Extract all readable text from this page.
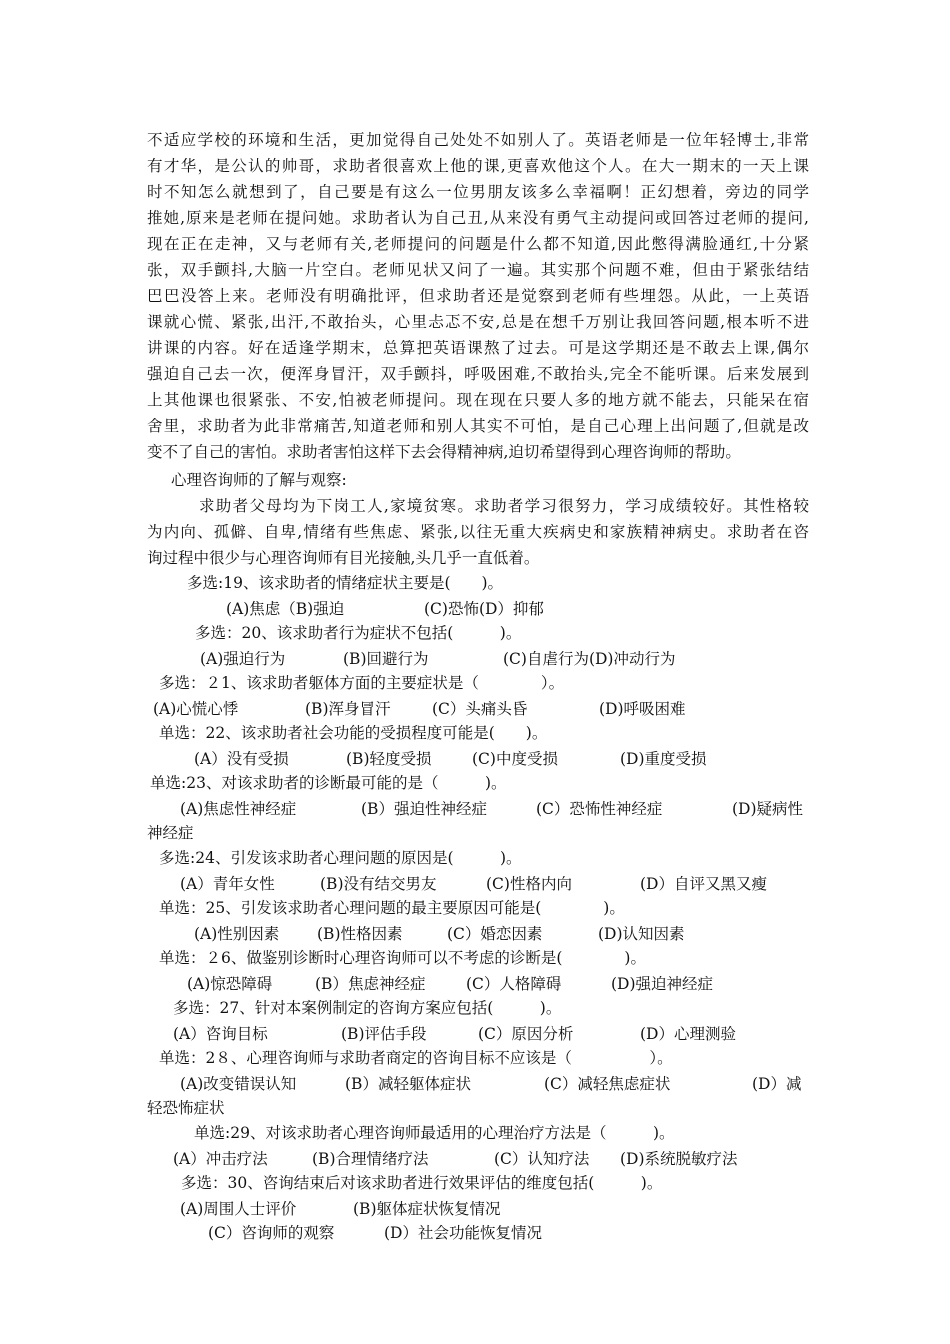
不适应学校的环境和生活，更加觉得自己处处不如别人了。英语老师是一位年轻博士,非常
有才华，是公认的帅哥，求助者很喜欢上他的课,更喜欢他这个人。在大一期末的一天上课
时不知怎么就想到了，自己要是有这么一位男朋友该多么幸福啊！正幻想着，旁边的同学
推她,原来是老师在提问她。求助者认为自己丑,从来没有勇气主动提问或回答过老师的提问,
现在正在走神，又与老师有关,老师提问的问题是什么都不知道,因此憋得满脸通红,十分紧
张，双手颤抖,大脑一片空白。老师见状又问了一遍。其实那个问题不难，但由于紧张结结
巴巴没答上来。老师没有明确批评，但求助者还是觉察到老师有些埋怨。从此，一上英语
课就心慌、紧张,出汗,不敢抬头，心里忐忑不安,总是在想千万别让我回答问题,根本听不进
讲课的内容。好在适逢学期末，总算把英语课熬了过去。可是这学期还是不敢去上课,偶尔
强迫自己去一次，便浑身冒汗，双手颤抖，呼吸困难,不敢抬头,完全不能听课。后来发展到
上其他课也很紧张、不安,怕被老师提问。现在现在只要人多的地方就不能去，只能呆在宿
舍里，求助者为此非常痛苦,知道老师和别人其实不可怕，是自己心理上出问题了,但就是改
变不了自己的害怕。求助者害怕这样下去会得精神病,迫切希望得到心理咨询师的帮助。
心理咨询师的了解与观察:
求助者父母均为下岗工人,家境贫寒。求助者学习很努力，学习成绩较好。其性格较
为内向、孤僻、自卑,情绪有些焦虑、紧张,以往无重大疾病史和家族精神病史。求助者在咨
询过程中很少与心理咨询师有目光接触,头几乎一直低着。
多选:19、该求助者的情绪症状主要是(　　)。
(A)焦虑（B)强迫	(C)恐怖(D）抑郁
多选：20、该求助者行为症状不包括(　　　)。
(A)强迫行为	(B)回避行为	(C)自虐行为(D)冲动行为
多选：２1、该求助者躯体方面的主要症状是（　　　　）。
(A)心慌心悸	(B)浑身冒汗	(C）头痛头昏	(D)呼吸困难
单选：22、该求助者社会功能的受损程度可能是(　　)。
(A）没有受损	(B)轻度受损	(C)中度受损	(D)重度受损
单选:23、对该求助者的诊断最可能的是（　　　)。
(A)焦虑性神经症	(B）强迫性神经症	(C）恐怖性神经症	(D)疑病性
神经症
多选:24、引发该求助者心理问题的原因是(　　　)。
(A）青年女性	(B)没有结交男友	(C)性格内向	(D）自评又黑又瘦
单选：25、引发该求助者心理问题的最主要原因可能是(　　　　)。
(A)性别因素 (B)性格因素	(C）婚恋因素	(D)认知因素
单选：２6、做鉴别诊断时心理咨询师可以不考虑的诊断是(　　　　)。
(A)惊恐障碍	(B）焦虑神经症	(C）人格障碍	(D)强迫神经症
多选：27、针对本案例制定的咨询方案应包括(　　　)。
(A）咨询目标	(B)评估手段	(C）原因分析	(D）心理测验
单选：2８、心理咨询师与求助者商定的咨询目标不应该是（　　　　　）。
(A)改变错误认知	(B）减轻躯体症状	(C）减轻焦虑症状	(D）减
轻恐怖症状
单选:29、对该求助者心理咨询师最适用的心理治疗方法是（　　　)。
(A）冲击疗法	(B)合理情绪疗法	(C）认知疗法 (D)系统脱敏疗法
多选：30、咨询结束后对该求助者进行效果评估的维度包括(　　　)。
(A)周围人士评价	(B)躯体症状恢复情况
(C）咨询师的观察	(D）社会功能恢复情况
